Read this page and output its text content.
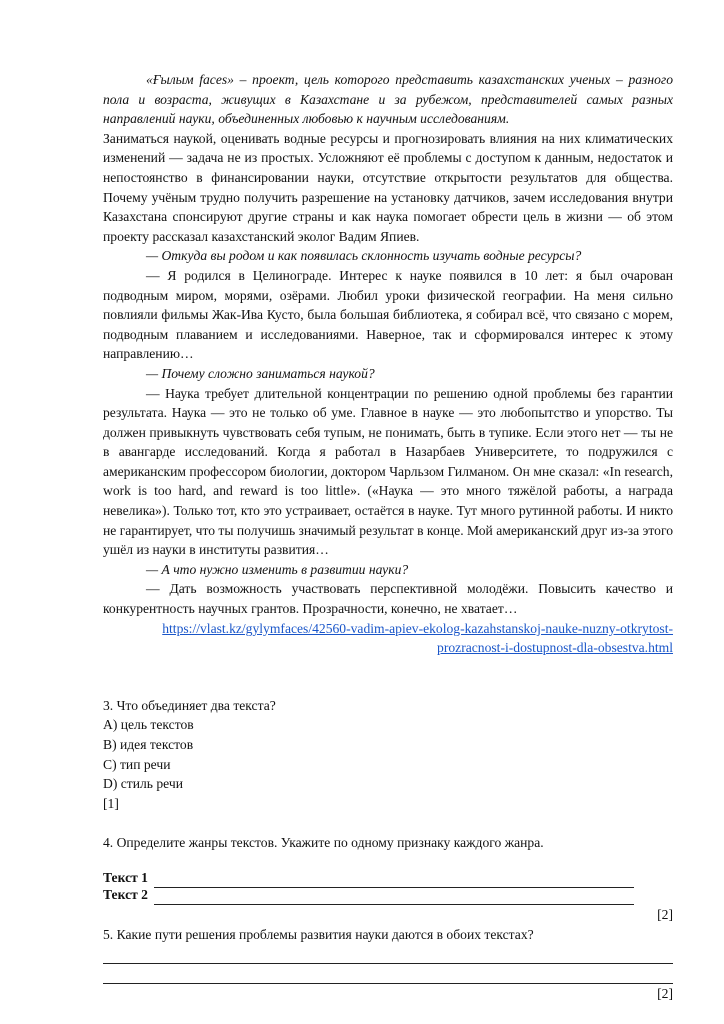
«Ғылым faces» – проект, цель которого представить казахстанских ученых – разного пола и возраста, живущих в Казахстане и за рубежом, представителей самых разных направлений науки, объединенных любовью к научным исследованиям.

Заниматься наукой, оценивать водные ресурсы и прогнозировать влияния на них климатических изменений — задача не из простых. Усложняют её проблемы с доступом к данным, недостаток и непостоянство в финансировании науки, отсутствие открытости результатов для общества. Почему учёным трудно получить разрешение на установку датчиков, зачем исследования внутри Казахстана спонсируют другие страны и как наука помогает обрести цель в жизни — об этом проекту рассказал казахстанский эколог Вадим Япиев.

— Откуда вы родом и как появилась склонность изучать водные ресурсы?

— Я родился в Целинограде. Интерес к науке появился в 10 лет: я был очарован подводным миром, морями, озёрами. Любил уроки физической географии. На меня сильно повлияли фильмы Жак-Ива Кусто, была большая библиотека, я собирал всё, что связано с морем, подводным плаванием и исследованиями. Наверное, так и сформировался интерес к этому направлению…

— Почему сложно заниматься наукой?

— Наука требует длительной концентрации по решению одной проблемы без гарантии результата. Наука — это не только об уме. Главное в науке — это любопытство и упорство. Ты должен привыкнуть чувствовать себя тупым, не понимать, быть в тупике. Если этого нет — ты не в авангарде исследований. Когда я работал в Назарбаев Университете, то подружился с американским профессором биологии, доктором Чарльзом Гилманом. Он мне сказал: «In research, work is too hard, and reward is too little». («Наука — это много тяжёлой работы, а награда невелика»). Только тот, кто это устраивает, остаётся в науке. Тут много рутинной работы. И никто не гарантирует, что ты получишь значимый результат в конце. Мой американский друг из-за этого ушёл из науки в институты развития…

— А что нужно изменить в развитии науки?

— Дать возможность участвовать перспективной молодёжи. Повысить качество и конкурентность научных грантов. Прозрачности, конечно, не хватает…

https://vlast.kz/gylymfaces/42560-vadim-apiev-ekolog-kazahstanskoj-nauke-nuzny-otkrytost-
prozracnost-i-dostupnost-dla-obsestva.html

3. Что объединяет два текста?

A) цель текстов

B) идея текстов

C) тип речи

D) стиль речи

[1]

4. Определите жанры текстов. Укажите по одному признаку каждого жанра.

Текст 1
Текст 2

[2]

5. Какие пути решения проблемы развития науки даются в обоих текстах?

[2]
